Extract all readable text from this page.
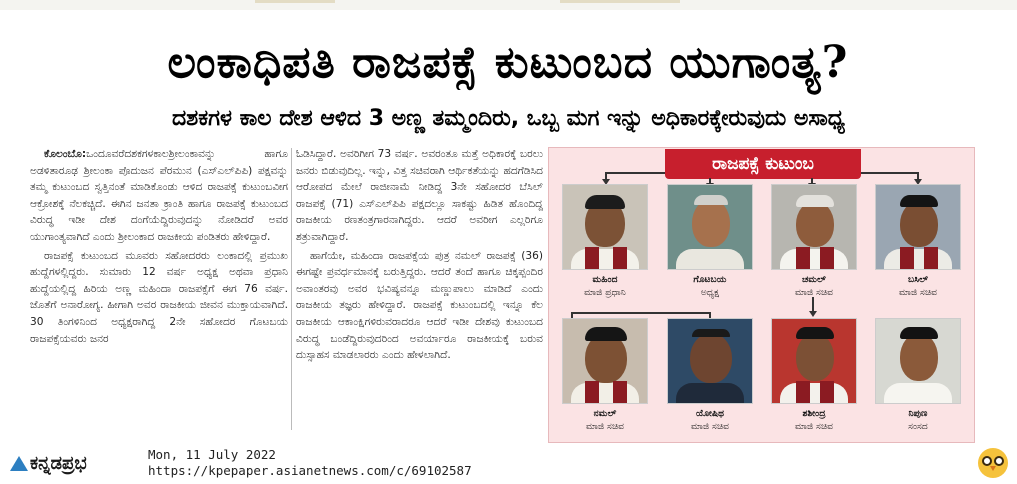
ಲಂಕಾಧಿಪತಿ ರಾಜಪಕ್ಸೆ ಕುಟುಂಬದ ಯುಗಾಂತ್ಯ?
ದಶಕಗಳ ಕಾಲ ದೇಶ ಆಳಿದ 3 ಅಣ್ಣ ತಮ್ಮಂದಿರು, ಒಬ್ಬ ಮಗ ಇನ್ನು ಅಧಿಕಾರಕ್ಕೇರುವುದು ಅಸಾಧ್ಯ

ಕೊಲಂಬೊ:ಒಂದೂವರೆದಶಕಗಳಕಾಲಶ್ರೀಲಂಕಾವನ್ನು ಹಾಗೂ ಅಡಳಿತಾರೂಢ ಶ್ರೀಲಂಕಾ ಪೊದುಜನ ಪೆರಮುನ (ಎಸ್‌ಎಲ್‌ಪಿಪಿ) ಪಕ್ಷವನ್ನು ತಮ್ಮ ಕುಟುಂಬದ ಸ್ವತ್ತಿನಂತೆ ಮಾಡಿಕೊಂಡು ಆಳಿದ ರಾಜಪಕ್ಸೆ ಕುಟುಂಬವೀಗ ಆಕ್ರೋಶಕ್ಕೆ ನೆಲಕಚ್ಚಿದೆ. ಈಗಿನ ಜನತಾ ಕ್ರಾಂತಿ ಹಾಗೂ ರಾಜಪಕ್ಸೆ ಕುಟುಂಬದ ವಿರುದ್ಧ ಇಡೀ ದೇಶ ದಂಗೆಯೆದ್ದಿರುವುದನ್ನು ನೋಡಿದರೆ ಅವರ ಯುಗಾಂತ್ಯವಾಗಿದೆ ಎಂದು ಶ್ರೀಲಂಕಾದ ರಾಜಕೀಯ ಪಂಡಿತರು ಹೇಳಿದ್ದಾರೆ.

ರಾಜಪಕ್ಸೆ ಕುಟುಂಬದ ಮೂವರು ಸಹೋದರರು ಲಂಕಾದಲ್ಲಿ ಪ್ರಮುಖ ಹುದ್ದೆಗಳಲ್ಲಿದ್ದರು. ಸುಮಾರು 12 ವರ್ಷ ಅಧ್ಯಕ್ಷ ಅಥವಾ ಪ್ರಧಾನಿ ಹುದ್ದೆಯಲ್ಲಿದ್ದ ಹಿರಿಯ ಅಣ್ಣ ಮಹಿಂದಾ ರಾಜಪಕ್ಸೆಗೆ ಈಗ 76 ವರ್ಷ. ಜೊತೆಗೆ ಅನಾರೋಗ್ಯ. ಹೀಗಾಗಿ ಅವರ ರಾಜಕೀಯ ಜೀವನ ಮುಕ್ತಾಯವಾಗಿದೆ. 30 ತಿಂಗಳಿನಿಂದ ಅಧ್ಯಕ್ಷರಾಗಿದ್ದ 2ನೇ ಸಹೋದರ ಗೊಟಬಯ ರಾಜಪಕ್ಸೆಯವರು ಜನರ

ಓಡಿಸಿದ್ದಾರೆ. ಅವರಿಗೀಗ 73 ವರ್ಷ. ಅವರಂತೂ ಮತ್ತೆ ಅಧಿಕಾರಕ್ಕೆ ಬರಲು ಜನರು ಬಿಡುವುದಿಲ್ಲ. ಇನ್ನು, ವಿತ್ತ ಸಚಿವರಾಗಿ ಆರ್ಥಿಕತೆಯನ್ನು ಹದಗೆಡಿಸಿದ ಆರೋಪದ ಮೇಲೆ ರಾಜೀನಾಮೆ ನೀಡಿದ್ದ 3ನೇ ಸಹೋದರ ಬೆಸಿಲ್ ರಾಜಪಕ್ಸೆ (71) ಎಸ್‌ಎಲ್‌ಪಿಪಿ ಪಕ್ಷದಲ್ಲೂ ಸಾಕಷ್ಟು ಹಿಡಿತ ಹೊಂದಿದ್ದ ರಾಜಕೀಯ ರಣತಂತ್ರಗಾರನಾಗಿದ್ದರು. ಆದರೆ ಅವರೀಗ ಎಲ್ಲರಿಗೂ ಶತ್ರುವಾಗಿದ್ದಾರೆ.

ಹಾಗೆಯೇ, ಮಹಿಂದಾ ರಾಜಪಕ್ಸೆಯ ಪುತ್ರ ನಮಲ್ ರಾಜಪಕ್ಸೆ (36) ಈಗಷ್ಟೇ ಪ್ರವರ್ಧಮಾನಕ್ಕೆ ಬರುತ್ತಿದ್ದರು. ಆದರೆ ತಂದೆ ಹಾಗೂ ಚಿಕ್ಕಪ್ಪಂದಿರ ಅವಾಂತರವು ಅವರ ಭವಿಷ್ಯವನ್ನೂ ಮಣ್ಣುಪಾಲು ಮಾಡಿದೆ ಎಂದು ರಾಜಕೀಯ ತಜ್ಞರು ಹೇಳಿದ್ದಾರೆ. ರಾಜಪಕ್ಸೆ ಕುಟುಂಬದಲ್ಲಿ ಇನ್ನೂ ಕೆಲ ರಾಜಕೀಯ ಆಕಾಂಕ್ಷಿಗಳಿರುವರಾದರೂ ಆದರೆ ಇಡೀ ದೇಶವು ಕುಟುಂಬದ ವಿರುದ್ಧ ಬಂಡೆದ್ದಿರುವುದರಿಂದ ಅವರ್ಯಾರೂ ರಾಜಕೀಯಕ್ಕೆ ಬರುವ ದುಸ್ಸಾಹಸ ಮಾಡಲಾರರು ಎಂದು ಹೇಳಲಾಗಿದೆ.

ರಾಜಪಕ್ಸೆ ಕುಟುಂಬ
ಮಹಿಂದ
ಮಾಜಿ ಪ್ರಧಾನಿ
ಗೊಟಬಯ
ಅಧ್ಯಕ್ಷ
ಚಮಲ್
ಮಾಜಿ ಸಚಿವ
ಬಸಿಲ್
ಮಾಜಿ ಸಚಿವ
ನಮಲ್
ಮಾಜಿ ಸಚಿವ
ಯೋಷಿಥ
ಮಾಜಿ ಸಚಿವ
ಶಶೀಂದ್ರ
ಮಾಜಿ ಸಚಿವ
ನಿಪುಣ
ಸಂಸದ
ಕನ್ನಡಪ್ರಭ	Mon, 11 July 2022
https://kpepaper.asianetnews.com/c/69102587
